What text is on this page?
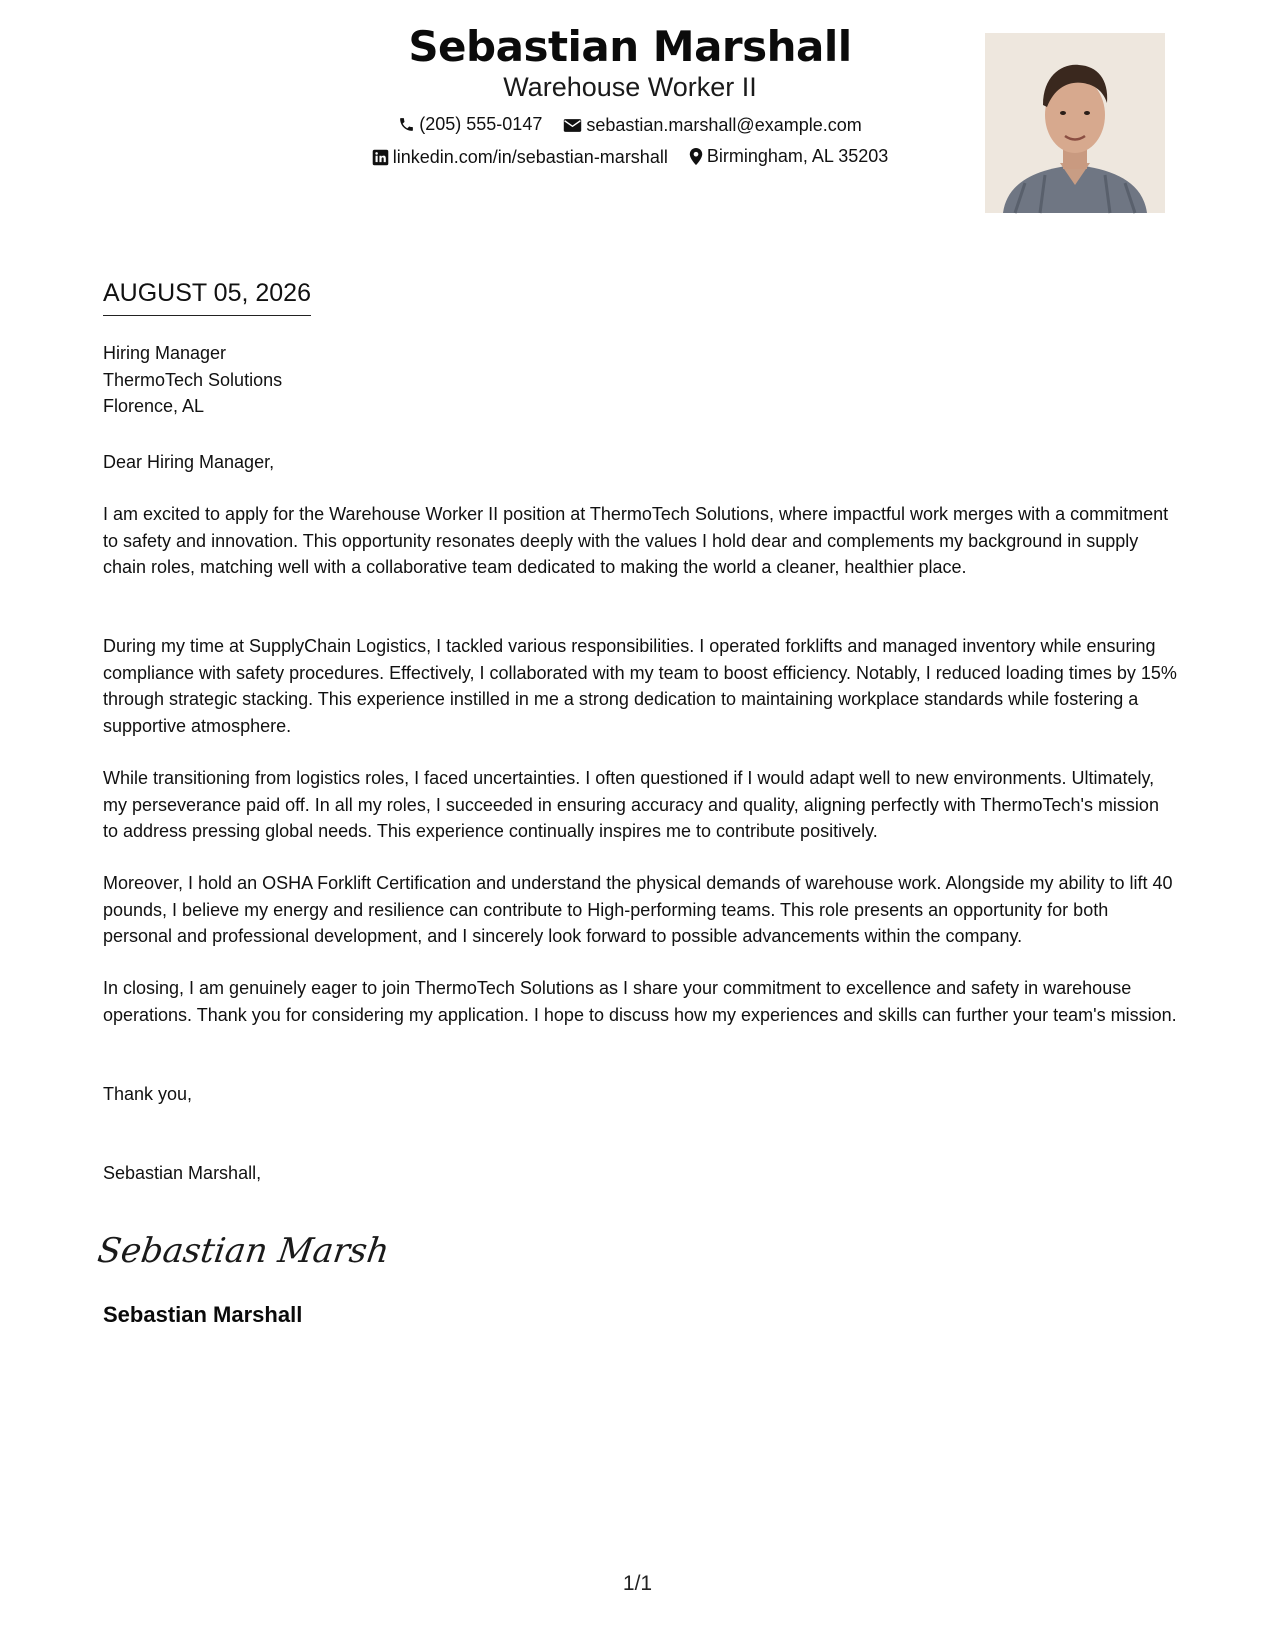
Sebastian Marshall
Warehouse Worker II
(205) 555-0147
sebastian.marshall@example.com
linkedin.com/in/sebastian-marshall
Birmingham, AL 35203
AUGUST 05, 2026
Hiring Manager
ThermoTech Solutions
Florence, AL
Dear Hiring Manager,

I am excited to apply for the Warehouse Worker II position at ThermoTech Solutions, where impactful work merges with a commitment to safety and innovation. This opportunity resonates deeply with the values I hold dear and complements my background in supply chain roles, matching well with a collaborative team dedicated to making the world a cleaner, healthier place.

During my time at SupplyChain Logistics, I tackled various responsibilities. I operated forklifts and managed inventory while ensuring compliance with safety procedures. Effectively, I collaborated with my team to boost efficiency. Notably, I reduced loading times by 15% through strategic stacking. This experience instilled in me a strong dedication to maintaining workplace standards while fostering a supportive atmosphere.

While transitioning from logistics roles, I faced uncertainties. I often questioned if I would adapt well to new environments. Ultimately, my perseverance paid off. In all my roles, I succeeded in ensuring accuracy and quality, aligning perfectly with ThermoTech's mission to address pressing global needs. This experience continually inspires me to contribute positively.

Moreover, I hold an OSHA Forklift Certification and understand the physical demands of warehouse work. Alongside my ability to lift 40 pounds, I believe my energy and resilience can contribute to High-performing teams. This role presents an opportunity for both personal and professional development, and I sincerely look forward to possible advancements within the company.

In closing, I am genuinely eager to join ThermoTech Solutions as I share your commitment to excellence and safety in warehouse operations. Thank you for considering my application. I hope to discuss how my experiences and skills can further your team's mission.

Thank you,
Sebastian Marshall,
Sebastian Marsh
Sebastian Marshall
1/1
